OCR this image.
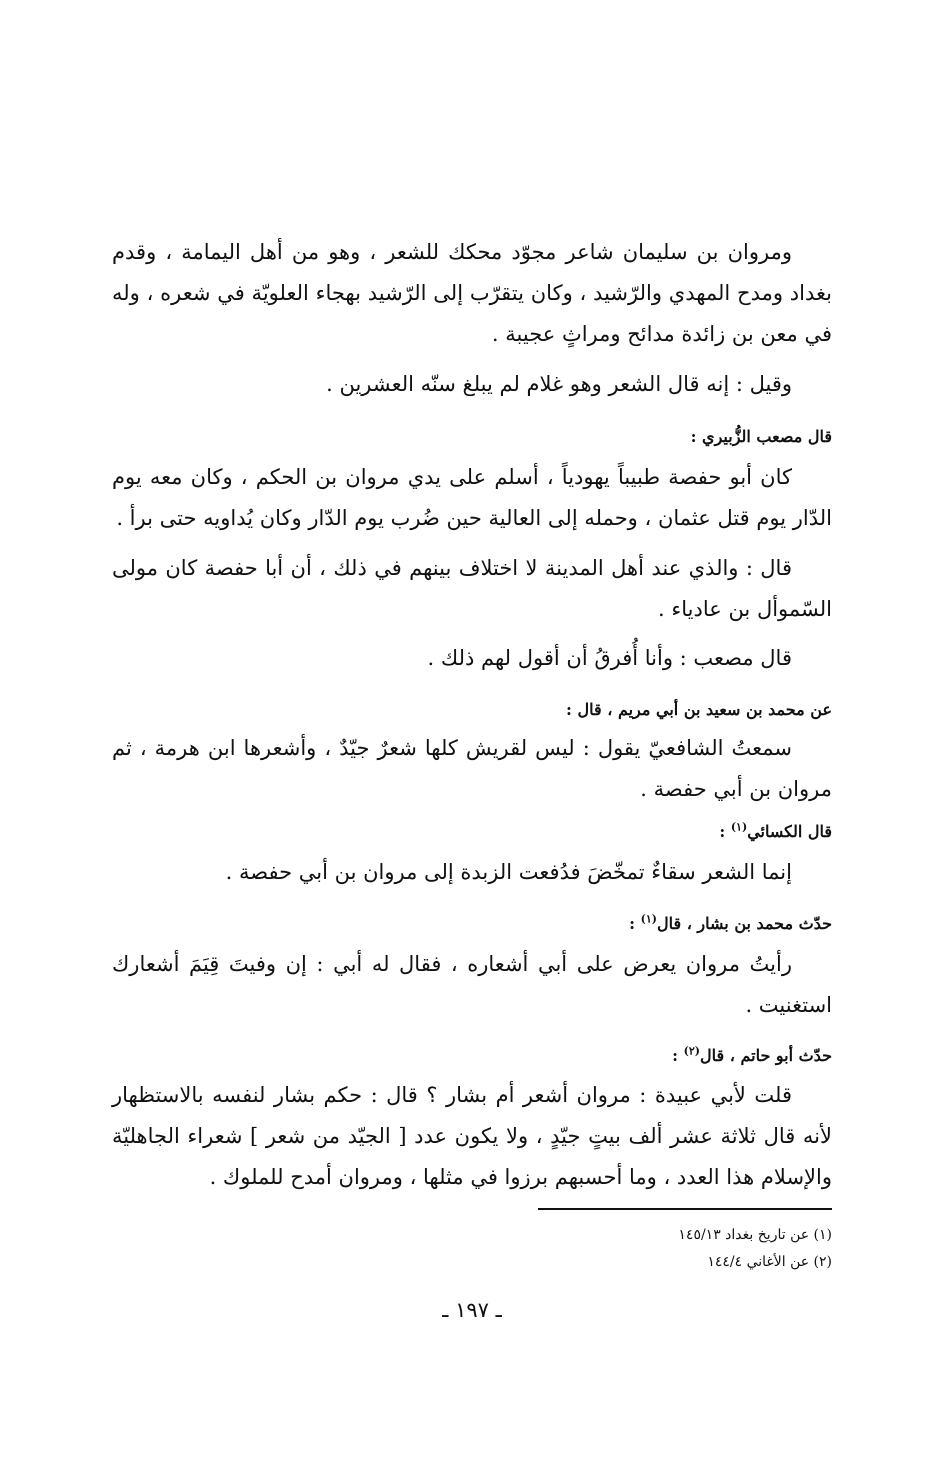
ومروان بن سليمان شاعر مجوّد محكك للشعر ، وهو من أهل اليمامة ، وقدم بغداد ومدح المهدي والرّشيد ، وكان يتقرّب إلى الرّشيد بهجاء العلويّة في شعره ، وله في معن بن زائدة مدائح ومراثٍ عجيبة .

وقيل : إنه قال الشعر وهو غلام لم يبلغ سنّه العشرين .

قال مصعب الزُّبيري :

كان أبو حفصة طبيباً يهودياً ، أسلم على يدي مروان بن الحكم ، وكان معه يوم الدّار يوم قتل عثمان ، وحمله إلى العالية حين ضُرب يوم الدّار وكان يُداويه حتى برأ .

قال : والذي عند أهل المدينة لا اختلاف بينهم في ذلك ، أن أبا حفصة كان مولى السّموأل بن عادياء .

قال مصعب : وأنا أُفرقُ أن أقول لهم ذلك .

عن محمد بن سعيد بن أبي مريم ، قال :

سمعتُ الشافعيّ يقول : ليس لقريش كلها شعرٌ جيّدٌ ، وأشعرها ابن هرمة ، ثم مروان بن أبي حفصة .

قال الكسائي$^{(١)}$ :

إنما الشعر سقاءٌ تمخّضَ فدُفعت الزبدة إلى مروان بن أبي حفصة .

حدّث محمد بن بشار ، قال$^{(١)}$ :

رأيتُ مروان يعرض على أبي أشعاره ، فقال له أبي : إن وفيتَ قِيَمَ أشعارك استغنيت .

حدّث أبو حاتم ، قال$^{(٢)}$ :

قلت لأبي عبيدة : مروان أشعر أم بشار ؟ قال : حكم بشار لنفسه بالاستظهار لأنه قال ثلاثة عشر ألف بيتٍ جيّدٍ ، ولا يكون عدد [ الجيّد من شعر ] شعراء الجاهليّة والإسلام هذا العدد ، وما أحسبهم برزوا في مثلها ، ومروان أمدح للملوك .

(١) عن تاريخ بغداد ١٤٥/١٣

(٢) عن الأغاني ١٤٤/٤

ـ ١٩٧ ـ
